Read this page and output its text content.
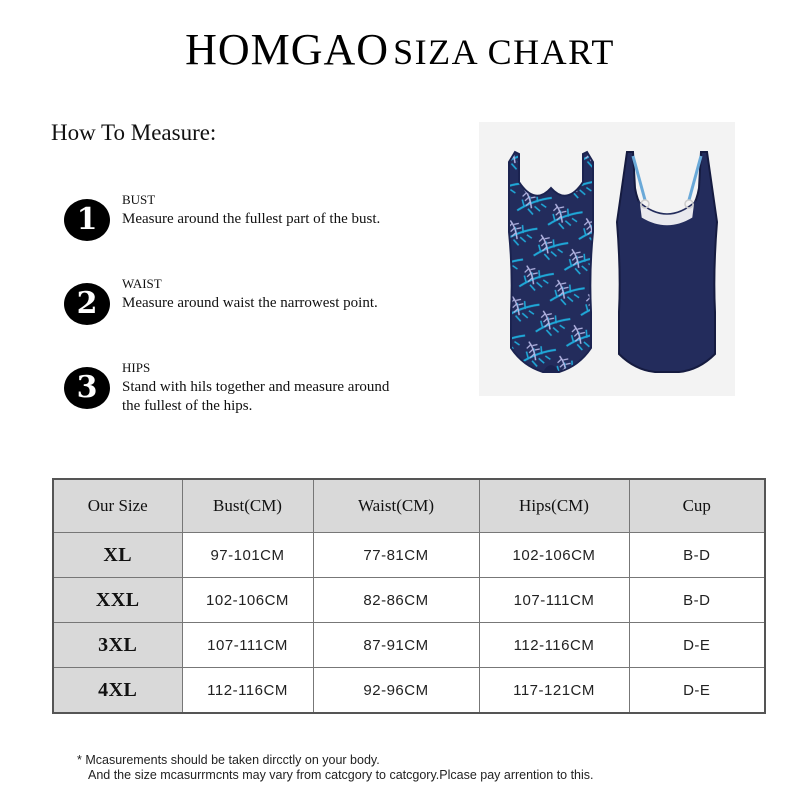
HOMGAO SIZA CHART
How To Measure:
1
BUST
Measure around the fullest part of the bust.
2
WAIST
Measure around waist the narrowest point.
3
HIPS
Stand with hils together and measure around
the fullest of the hips.
Our Size	Bust(CM)	Waist(CM)	Hips(CM)	Cup
XL	97-101CM	77-81CM	102-106CM	B-D
XXL	102-106CM	82-86CM	107-111CM	B-D
3XL	107-111CM	87-91CM	112-116CM	D-E
4XL	112-116CM	92-96CM	117-121CM	D-E
* Mcasurements should be taken dircctly on your body.
And the size mcasurrmcnts may vary from catcgory to catcgory.Plcase pay arrention to this.
